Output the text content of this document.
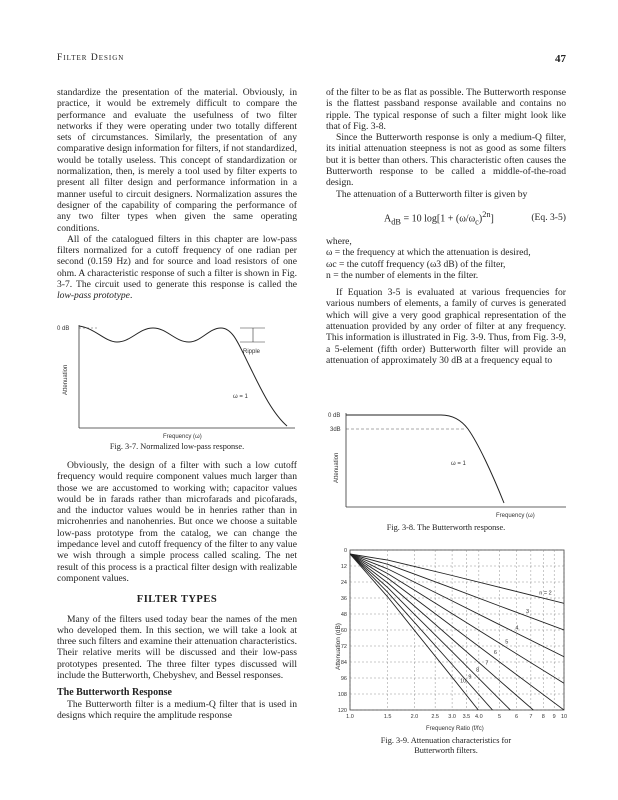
Filter Design	47

standardize the presentation of the material. Obviously, in practice, it would be extremely difficult to compare the performance and evaluate the usefulness of two filter networks if they were operating under two totally different sets of circumstances. Similarly, the presentation of any comparative design information for filters, if not standardized, would be totally useless. This concept of standardization or normalization, then, is merely a tool used by filter experts to present all filter design and performance information in a manner useful to circuit designers. Normalization assures the designer of the capability of comparing the performance of any two filter types when given the same operating conditions.

All of the catalogued filters in this chapter are low-pass filters normalized for a cutoff frequency of one radian per second (0.159 Hz) and for source and load resistors of one ohm. A characteristic response of such a filter is shown in Fig. 3-7. The circuit used to generate this response is called the low-pass prototype.

0 dB
Ripple
Attenuation
ω = 1
Frequency (ω)
Fig. 3-7. Normalized low-pass response.

Obviously, the design of a filter with such a low cutoff frequency would require component values much larger than those we are accustomed to working with; capacitor values would be in farads rather than microfarads and picofarads, and the inductor values would be in henries rather than in microhenries and nanohenries. But once we choose a suitable low-pass prototype from the catalog, we can change the impedance level and cutoff frequency of the filter to any value we wish through a simple process called scaling. The net result of this process is a practical filter design with realizable component values.

FILTER TYPES

Many of the filters used today bear the names of the men who developed them. In this section, we will take a look at three such filters and examine their attenuation characteristics. Their relative merits will be discussed and their low-pass prototypes presented. The three filter types discussed will include the Butterworth, Chebyshev, and Bessel responses.

The Butterworth Response

The Butterworth filter is a medium-Q filter that is used in designs which require the amplitude response

of the filter to be as flat as possible. The Butterworth response is the flattest passband response available and contains no ripple. The typical response of such a filter might look like that of Fig. 3-8.

Since the Butterworth response is only a medium-Q filter, its initial attenuation steepness is not as good as some filters but it is better than others. This characteristic often causes the Butterworth response to be called a middle-of-the-road design.

The attenuation of a Butterworth filter is given by

$A_{dB} = 10$ $\log[1 + (\omega/\omega_c)^{2n}]$	(Eq. 3-5)

where,

ω = the frequency at which the attenuation is desired,

ωc = the cutoff frequency (ω3 dB) of the filter,

n = the number of elements in the filter.

If Equation 3-5 is evaluated at various frequencies for various numbers of elements, a family of curves is generated which will give a very good graphical representation of the attenuation provided by any order of filter at any frequency. This information is illustrated in Fig. 3-9. Thus, from Fig. 3-9, a 5-element (fifth order) Butterworth filter will provide an attenuation of approximately 30 dB at a frequency equal to

0 dB
3dB
Attenuation	ω = 1
Frequency (ω)
Fig. 3-8. The Butterworth response.
Attenuation (dB)
Frequency Ratio (f/fc)
0
12
24
36
48
60
72
84
96
108
120
1.0	1.5	2.0 2.5 3.0 3.5 4.0	5	6 7 8 9 10
n = 2
3
4
5
6
7
8
9
10
Fig. 3-9. Attenuation characteristics for
Butterworth filters.
